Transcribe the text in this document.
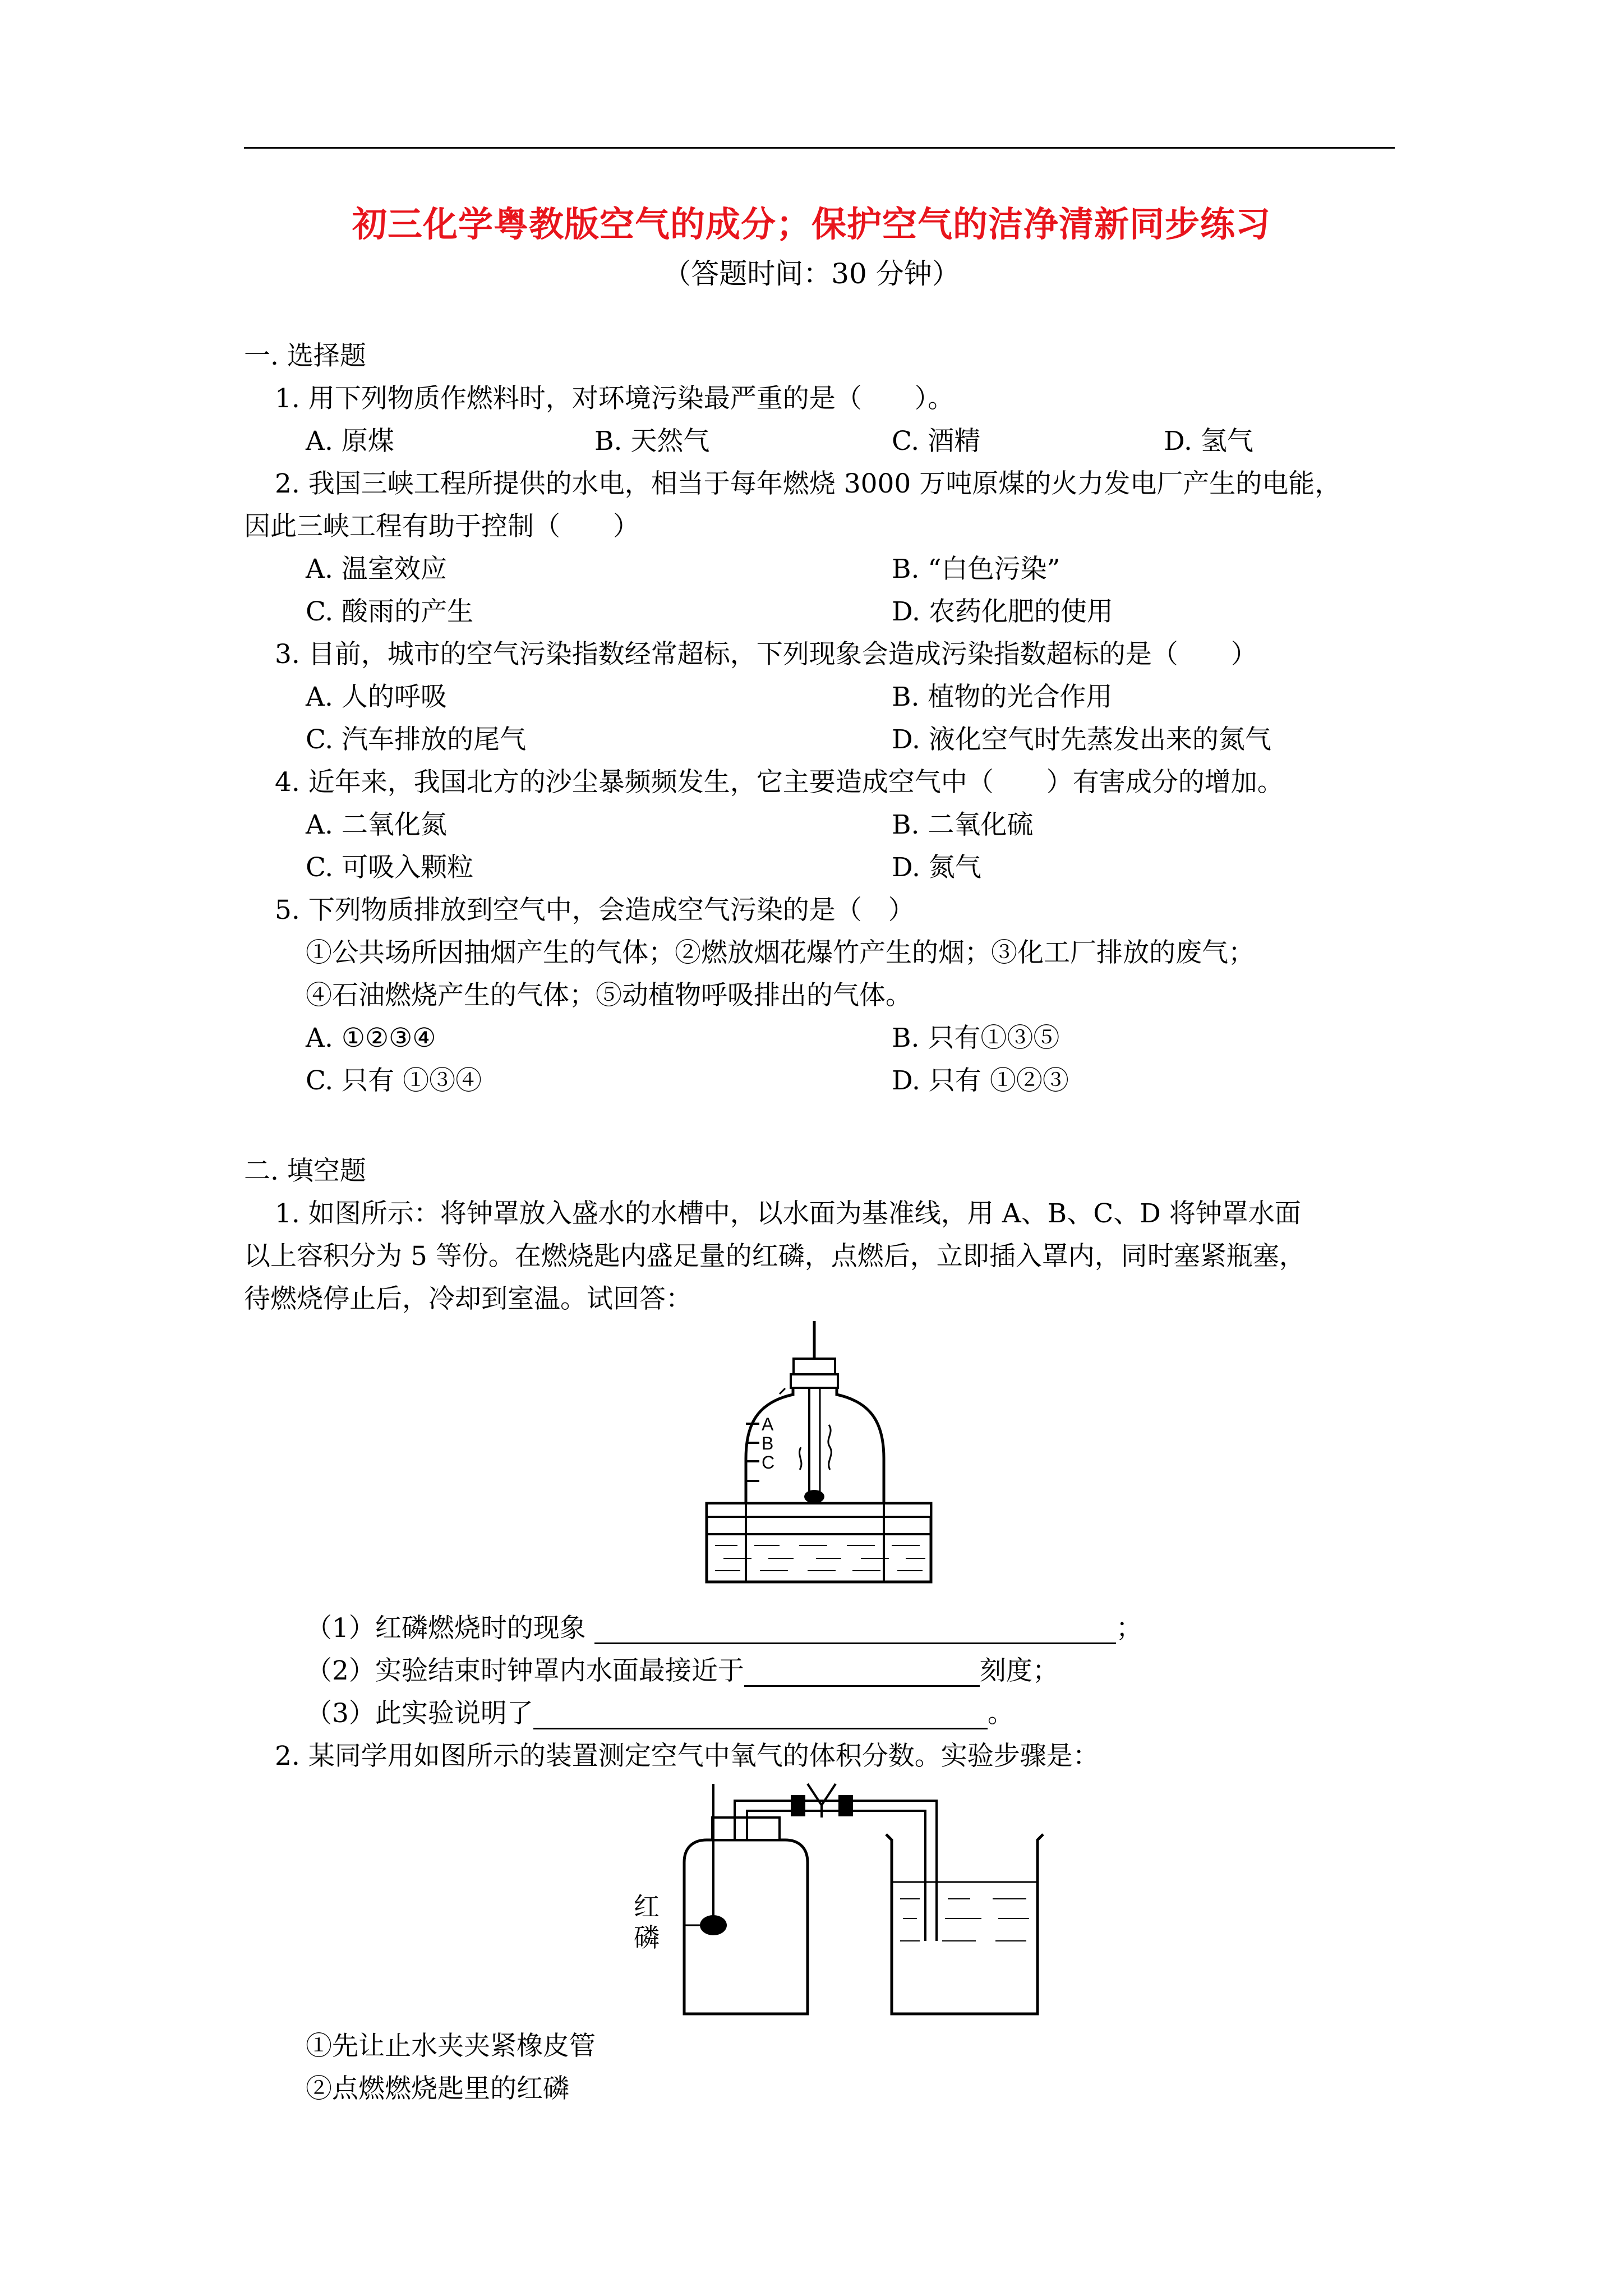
初三化学粤教版空气的成分；保护空气的洁净清新同步练习
（答题时间：30 分钟）
一. 选择题
1. 用下列物质作燃料时，对环境污染最严重的是（　　）。
A. 原煤	B. 天然气	C. 酒精	D. 氢气
2. 我国三峡工程所提供的水电，相当于每年燃烧 3000 万吨原煤的火力发电厂产生的电能，
因此三峡工程有助于控制（　　）
A. 温室效应	B. “白色污染”
C. 酸雨的产生	D. 农药化肥的使用
3. 目前，城市的空气污染指数经常超标，下列现象会造成污染指数超标的是（　　）
A. 人的呼吸	B. 植物的光合作用
C. 汽车排放的尾气	D. 液化空气时先蒸发出来的氮气
4. 近年来，我国北方的沙尘暴频频发生，它主要造成空气中（　　）有害成分的增加。
A. 二氧化氮	B. 二氧化硫
C. 可吸入颗粒	D. 氮气
5. 下列物质排放到空气中，会造成空气污染的是（　）
①公共场所因抽烟产生的气体；②燃放烟花爆竹产生的烟；③化工厂排放的废气；
④石油燃烧产生的气体；⑤动植物呼吸排出的气体。
A. ①②③④	B. 只有①③⑤
C. 只有 ①③④	D. 只有 ①②③
二. 填空题
1. 如图所示：将钟罩放入盛水的水槽中，以水面为基准线，用 A、B、C、D 将钟罩水面
以上容积分为 5 等份。在燃烧匙内盛足量的红磷，点燃后，立即插入罩内，同时塞紧瓶塞，
待燃烧停止后，冷却到室温。试回答：
A
B
C
（1）红磷燃烧时的现象	；
（2）实验结束时钟罩内水面最接近于	刻度；
（3）此实验说明了	。
2. 某同学用如图所示的装置测定空气中氧气的体积分数。实验步骤是：
红
磷
①先让止水夹夹紧橡皮管
②点燃燃烧匙里的红磷
